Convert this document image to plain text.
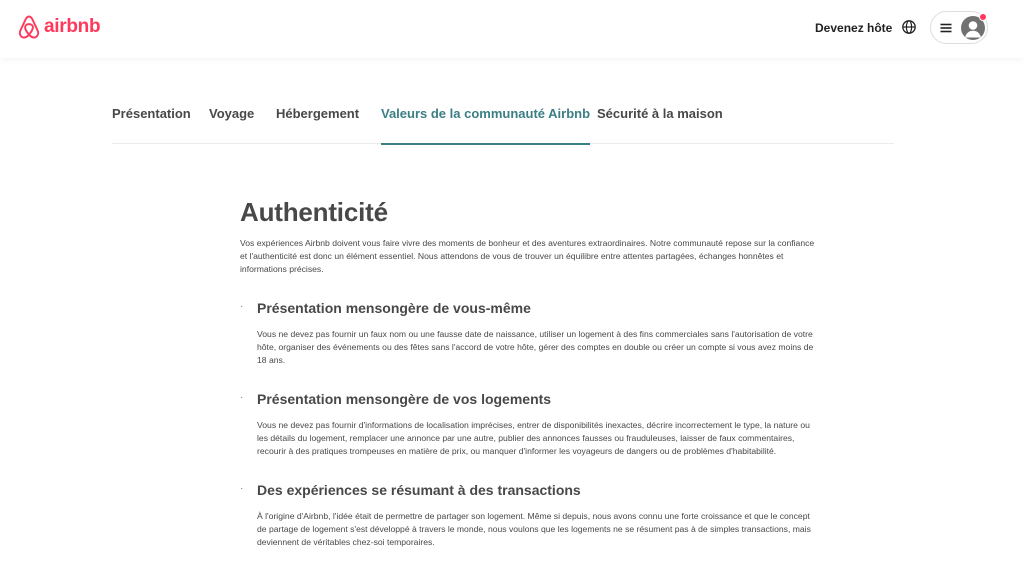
airbnb	Devenez hôte
Présentation Voyage Hébergement Valeurs de la communauté Airbnb Sécurité à la maison
Authenticité

Vos expériences Airbnb doivent vous faire vivre des moments de bonheur et des aventures extraordinaires. Notre communauté repose sur la confiance et l'authenticité est donc un élément essentiel. Nous attendons de vous de trouver un équilibre entre attentes partagées, échanges honnêtes et informations précises.

· Présentation mensongère de vous-même

Vous ne devez pas fournir un faux nom ou une fausse date de naissance, utiliser un logement à des fins commerciales sans l'autorisation de votre hôte, organiser des événements ou des fêtes sans l'accord de votre hôte, gérer des comptes en double ou créer un compte si vous avez moins de 18 ans.

· Présentation mensongère de vos logements

Vous ne devez pas fournir d'informations de localisation imprécises, entrer de disponibilités inexactes, décrire incorrectement le type, la nature ou les détails du logement, remplacer une annonce par une autre, publier des annonces fausses ou frauduleuses, laisser de faux commentaires, recourir à des pratiques trompeuses en matière de prix, ou manquer d'informer les voyageurs de dangers ou de problèmes d'habitabilité.

· Des expériences se résumant à des transactions

À l'origine d'Airbnb, l'idée était de permettre de partager son logement. Même si depuis, nous avons connu une forte croissance et que le concept de partage de logement s'est développé à travers le monde, nous voulons que les logements ne se résument pas à de simples transactions, mais deviennent de véritables chez-soi temporaires.
